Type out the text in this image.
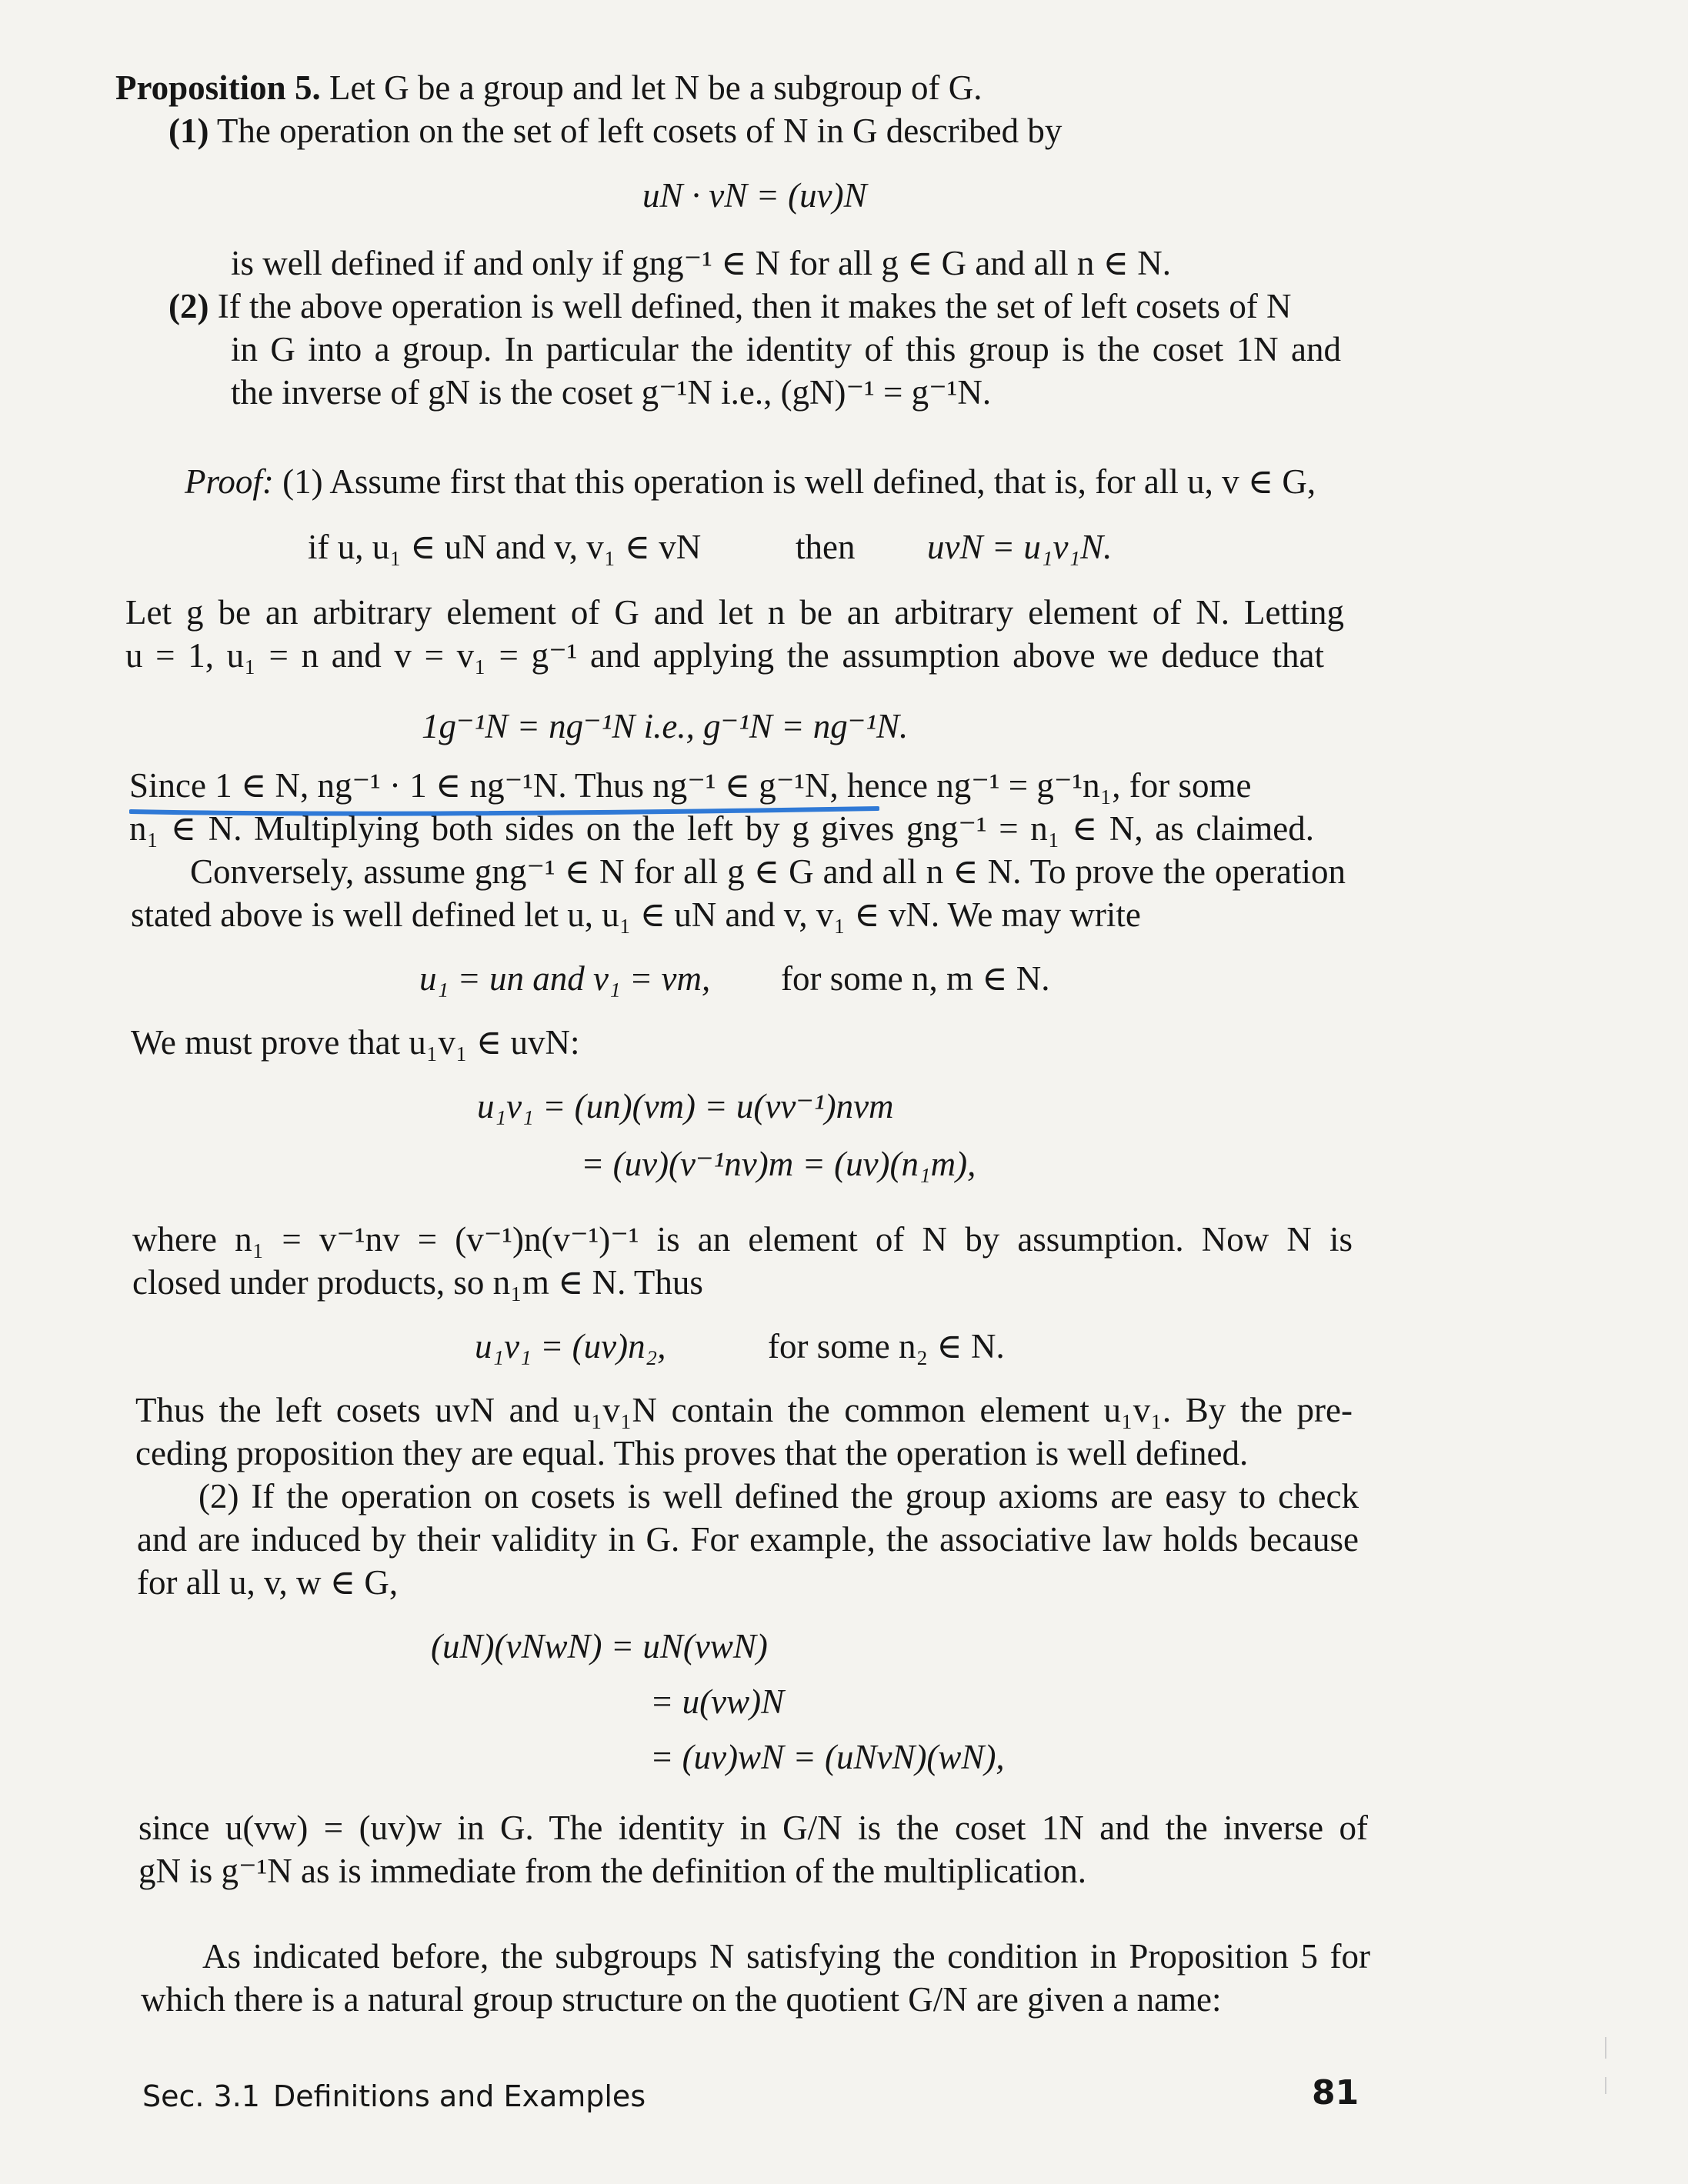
Proposition 5. Let G be a group and let N be a subgroup of G.
(1) The operation on the set of left cosets of N in G described by
uN · vN = (uv)N
is well defined if and only if gng⁻¹ ∈ N for all g ∈ G and all n ∈ N.
(2) If the above operation is well defined, then it makes the set of left cosets of N
in G into a group. In particular the identity of this group is the coset 1N and
the inverse of gN is the coset g⁻¹N i.e., (gN)⁻¹ = g⁻¹N.
Proof: (1) Assume first that this operation is well defined, that is, for all u, v ∈ G,
if u, u₁ ∈ uN and v, v₁ ∈ vN	then uvN = u₁v₁N.
Let g be an arbitrary element of G and let n be an arbitrary element of N. Letting
u = 1, u₁ = n and v = v₁ = g⁻¹ and applying the assumption above we deduce that
1g⁻¹N = ng⁻¹N i.e., g⁻¹N = ng⁻¹N.
Since 1 ∈ N, ng⁻¹ · 1 ∈ ng⁻¹N. Thus ng⁻¹ ∈ g⁻¹N, hence ng⁻¹ = g⁻¹n₁, for some
n₁ ∈ N. Multiplying both sides on the left by g gives gng⁻¹ = n₁ ∈ N, as claimed.
Conversely, assume gng⁻¹ ∈ N for all g ∈ G and all n ∈ N. To prove the operation
stated above is well defined let u, u₁ ∈ uN and v, v₁ ∈ vN. We may write
u₁ = un and v₁ = vm, for some n, m ∈ N.
We must prove that u₁v₁ ∈ uvN:
u₁v₁ = (un)(vm) = u(vv⁻¹)nvm
= (uv)(v⁻¹nv)m = (uv)(n₁m),
where n₁ = v⁻¹nv = (v⁻¹)n(v⁻¹)⁻¹ is an element of N by assumption. Now N is
closed under products, so n₁m ∈ N. Thus
u₁v₁ = (uv)n₂,	for some n₂ ∈ N.
Thus the left cosets uvN and u₁v₁N contain the common element u₁v₁. By the pre-
ceding proposition they are equal. This proves that the operation is well defined.
(2) If the operation on cosets is well defined the group axioms are easy to check
and are induced by their validity in G. For example, the associative law holds because
for all u, v, w ∈ G,
(uN)(vNwN) = uN(vwN)
= u(vw)N
= (uv)wN = (uNvN)(wN),
since u(vw) = (uv)w in G. The identity in G/N is the coset 1N and the inverse of
gN is g⁻¹N as is immediate from the definition of the multiplication.
As indicated before, the subgroups N satisfying the condition in Proposition 5 for
which there is a natural group structure on the quotient G/N are given a name:
Sec. 3.1 Definitions and Examples	81
